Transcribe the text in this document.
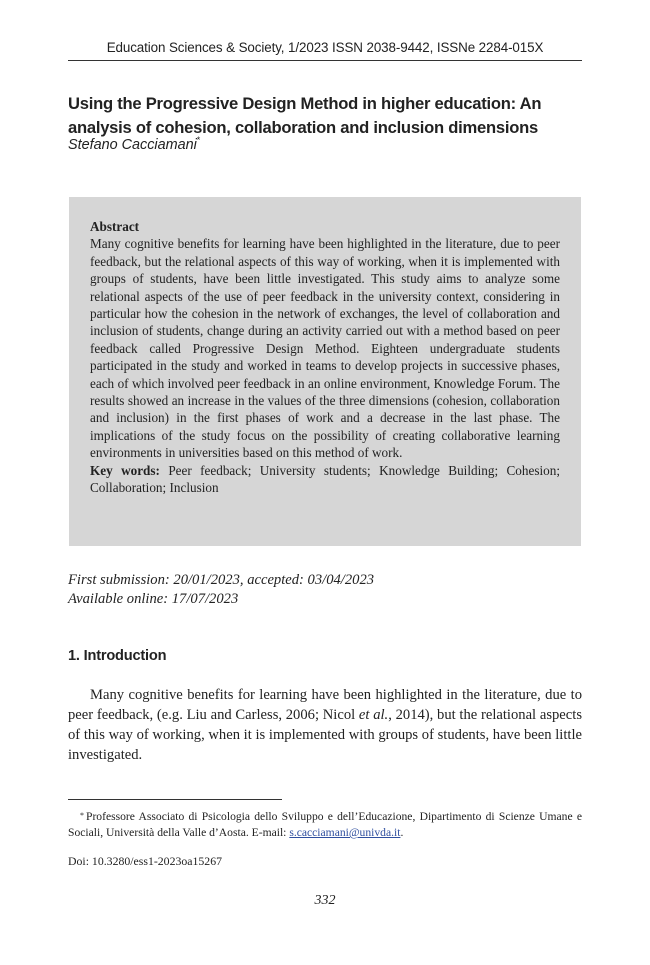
Education Sciences & Society, 1/2023 ISSN 2038-9442, ISSNe 2284-015X
Using the Progressive Design Method in higher education: An analysis of cohesion, collaboration and inclusion dimensions
Stefano Cacciamani*
Abstract
Many cognitive benefits for learning have been highlighted in the literature, due to peer feedback, but the relational aspects of this way of working, when it is implemented with groups of students, have been little investigated. This study aims to analyze some relational aspects of the use of peer feedback in the university context, considering in particular how the cohesion in the network of exchanges, the level of collaboration and inclusion of students, change during an activity carried out with a method based on peer feedback called Progressive Design Method. Eighteen undergraduate students participated in the study and worked in teams to develop projects in successive phases, each of which involved peer feedback in an online environment, Knowledge Forum. The results showed an increase in the values of the three dimensions (cohesion, collaboration and inclusion) in the first phases of work and a decrease in the last phase. The implications of the study focus on the possibility of creating collaborative learning environments in universities based on this method of work.
Key words: Peer feedback; University students; Knowledge Building; Cohesion; Collaboration; Inclusion
First submission: 20/01/2023, accepted: 03/04/2023
Available online: 17/07/2023
1. Introduction

Many cognitive benefits for learning have been highlighted in the literature, due to peer feedback, (e.g. Liu and Carless, 2006; Nicol et al., 2014), but the relational aspects of this way of working, when it is implemented with groups of students, have been little investigated.

* Professore Associato di Psicologia dello Sviluppo e dell’Educazione, Dipartimento di Scienze Umane e Sociali, Università della Valle d’Aosta. E-mail: s.cacciamani@univda.it.
Doi: 10.3280/ess1-2023oa15267
332
